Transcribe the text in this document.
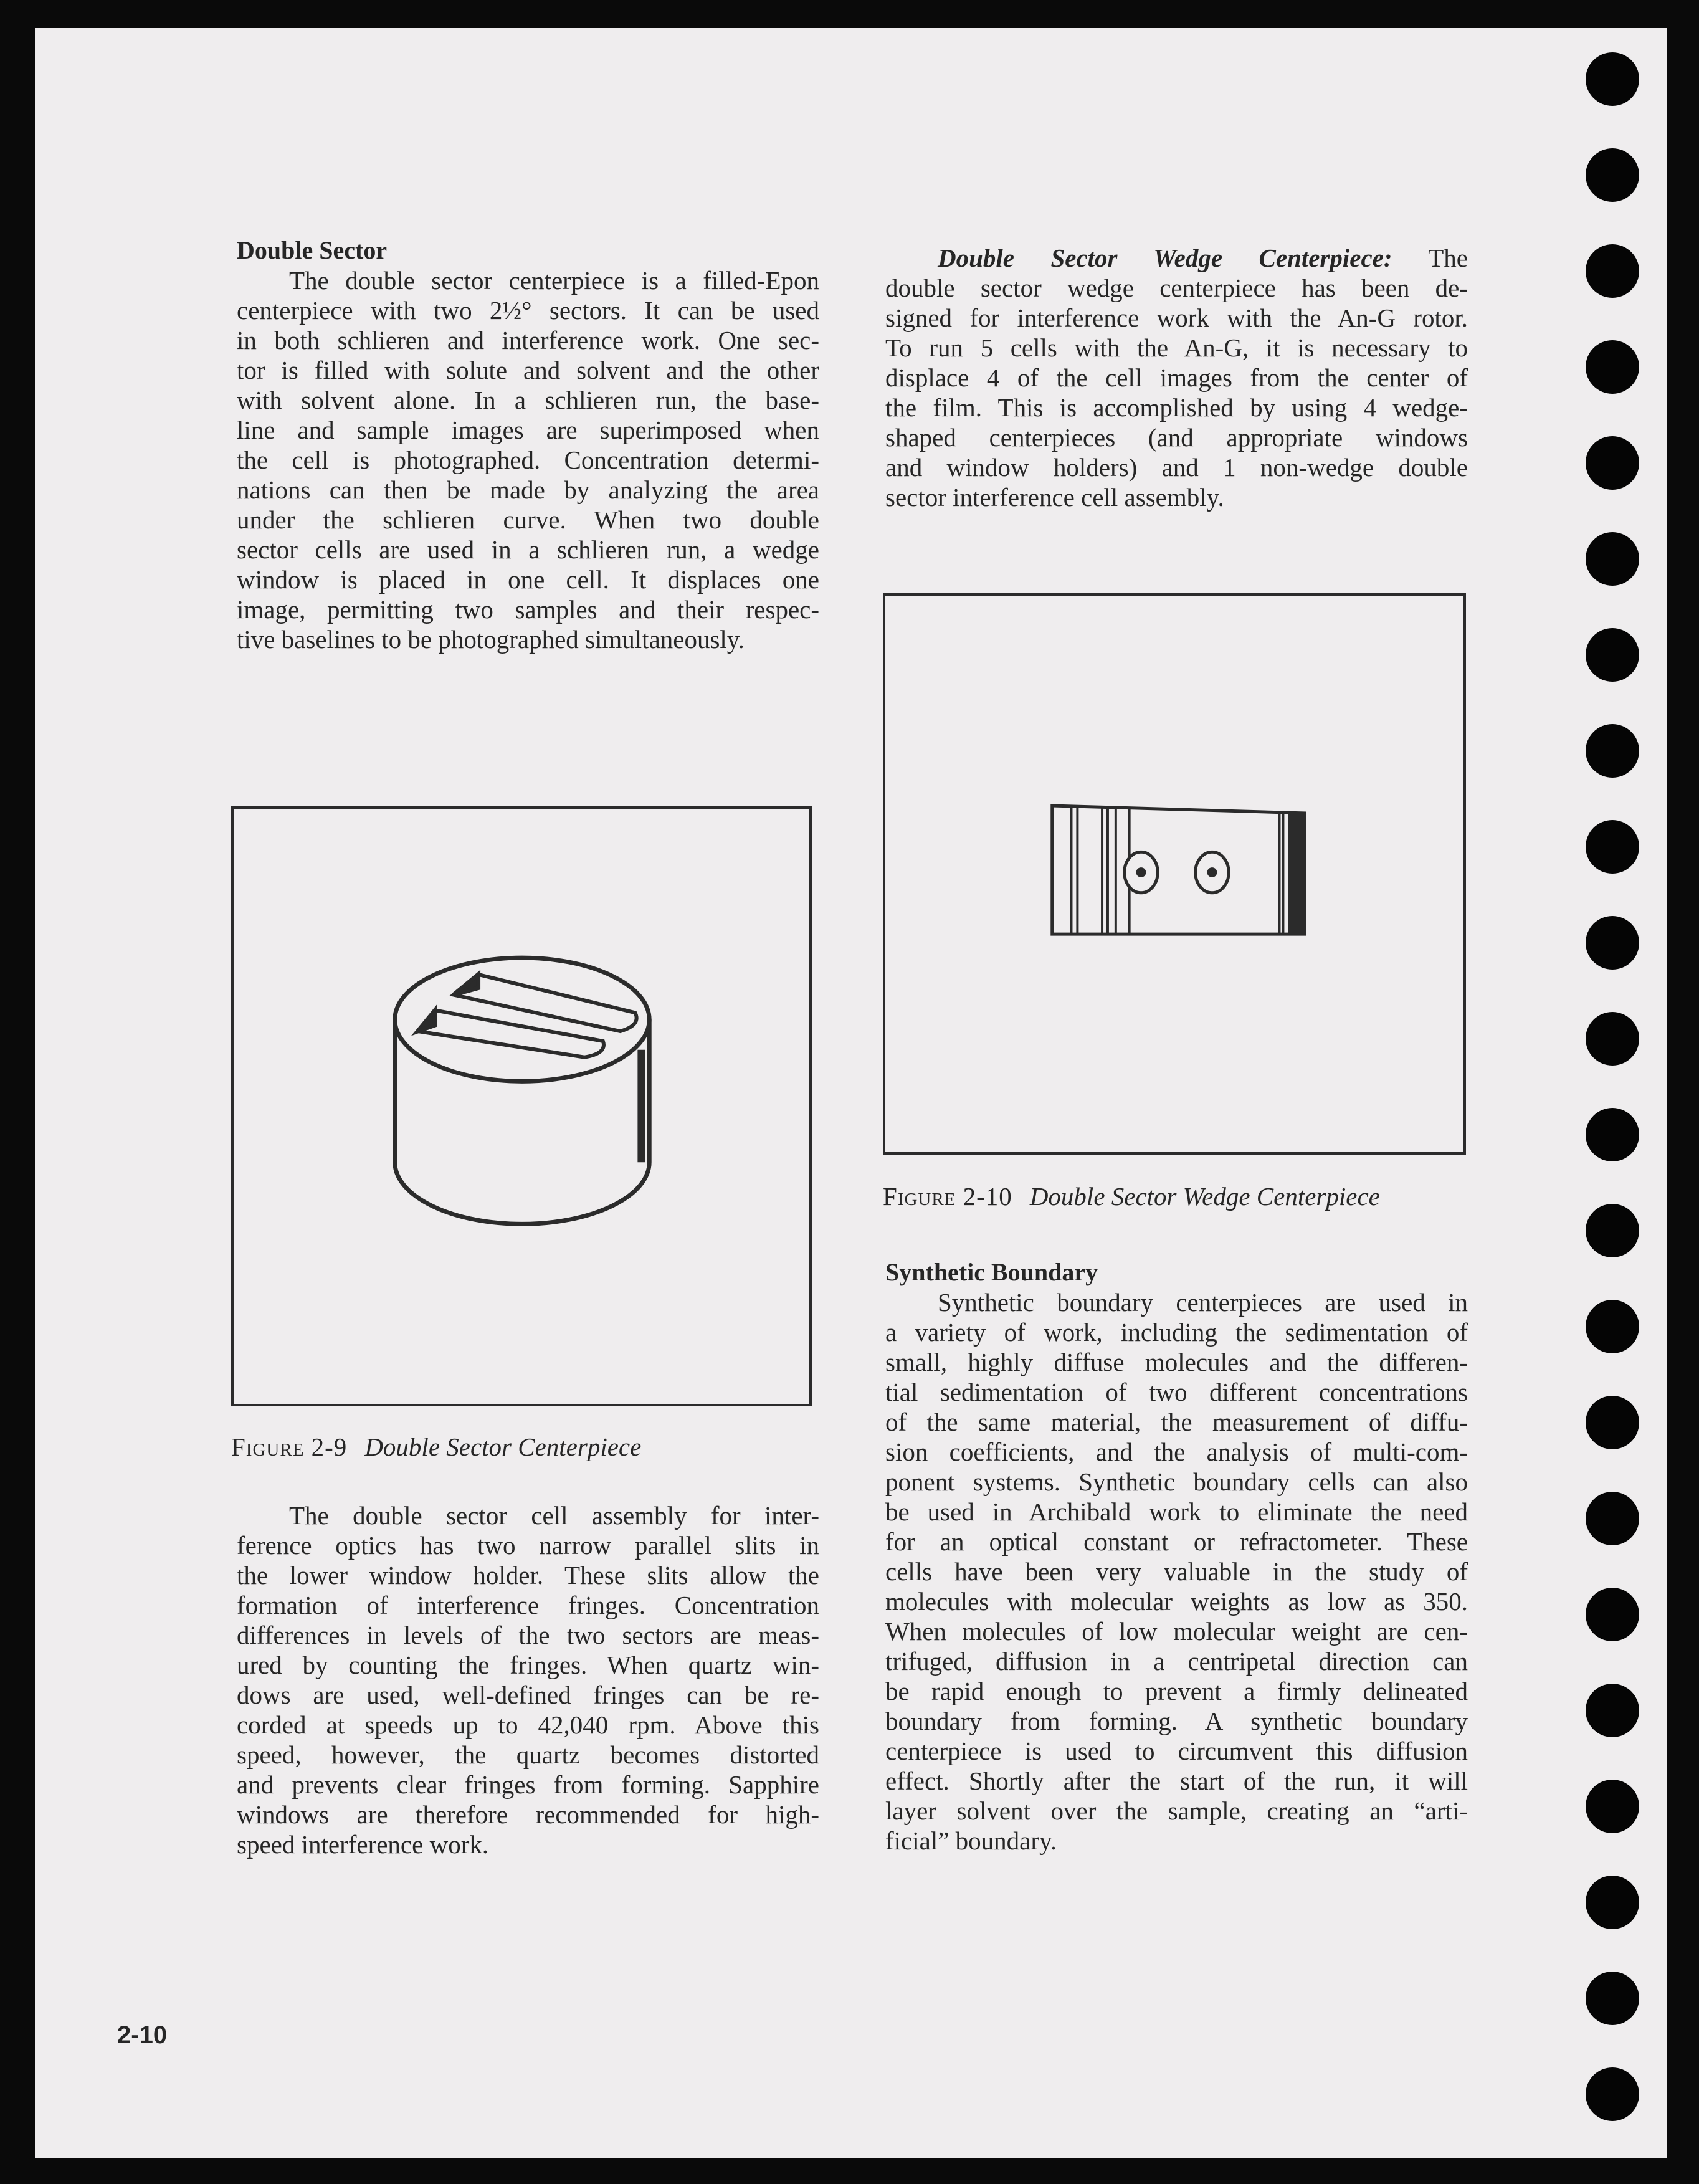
Double Sector
The double sector centerpiece is a filled-Epon
centerpiece with two 2½° sectors. It can be used
in both schlieren and interference work. One sec-
tor is filled with solute and solvent and the other
with solvent alone. In a schlieren run, the base-
line and sample images are superimposed when
the cell is photographed. Concentration determi-
nations can then be made by analyzing the area
under the schlieren curve. When two double
sector cells are used in a schlieren run, a wedge
window is placed in one cell. It displaces one
image, permitting two samples and their respec-
tive baselines to be photographed simultaneously.
Figure 2-9 Double Sector Centerpiece
The double sector cell assembly for inter-
ference optics has two narrow parallel slits in
the lower window holder. These slits allow the
formation of interference fringes. Concentration
differences in levels of the two sectors are meas-
ured by counting the fringes. When quartz win-
dows are used, well-defined fringes can be re-
corded at speeds up to 42,040 rpm. Above this
speed, however, the quartz becomes distorted
and prevents clear fringes from forming. Sapphire
windows are therefore recommended for high-
speed interference work.
Double Sector Wedge Centerpiece: The
double sector wedge centerpiece has been de-
signed for interference work with the An-G rotor.
To run 5 cells with the An-G, it is necessary to
displace 4 of the cell images from the center of
the film. This is accomplished by using 4 wedge-
shaped centerpieces (and appropriate windows
and window holders) and 1 non-wedge double
sector interference cell assembly.
Figure 2-10 Double Sector Wedge Centerpiece
Synthetic Boundary
Synthetic boundary centerpieces are used in
a variety of work, including the sedimentation of
small, highly diffuse molecules and the differen-
tial sedimentation of two different concentrations
of the same material, the measurement of diffu-
sion coefficients, and the analysis of multi-com-
ponent systems. Synthetic boundary cells can also
be used in Archibald work to eliminate the need
for an optical constant or refractometer. These
cells have been very valuable in the study of
molecules with molecular weights as low as 350.
When molecules of low molecular weight are cen-
trifuged, diffusion in a centripetal direction can
be rapid enough to prevent a firmly delineated
boundary from forming. A synthetic boundary
centerpiece is used to circumvent this diffusion
effect. Shortly after the start of the run, it will
layer solvent over the sample, creating an “arti-
ficial” boundary.
2-10
